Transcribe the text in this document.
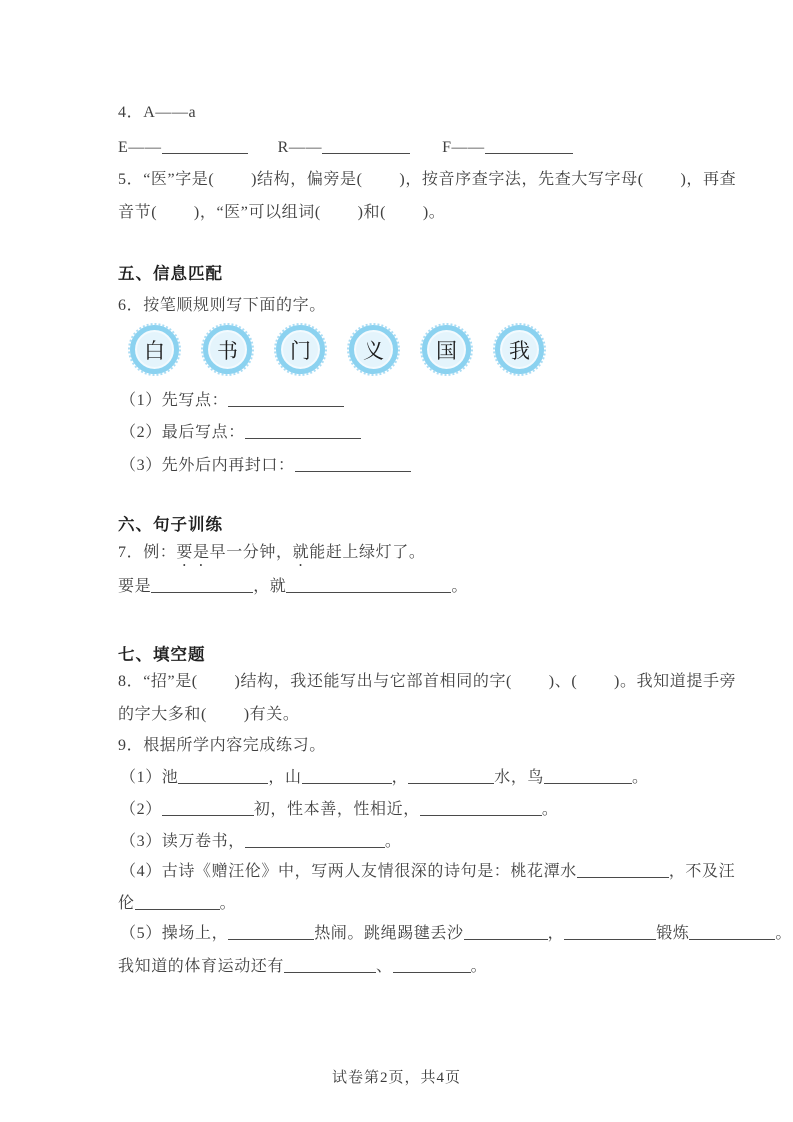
4．A——a
E——	R——	F——
5．“医”字是(        )结构，偏旁是(        )，按音序查字法，先查大写字母(        )，再查
音节(        )，“医”可以组词(        )和(        )。
五、信息匹配
6．按笔顺规则写下面的字。
白 书 门 义 国 我
（1）先写点：
（2）最后写点：
（3）先外后内再封口：
六、句子训练
7．例： 要是 早一分钟， 就 能赶上绿灯了。
要是	，就	。
七、填空题
8．“招”是(        )结构，我还能写出与它部首相同的字(        )、(        )。我知道提手旁
的字大多和(        )有关。
9．根据所学内容完成练习。
（1）池	，山	，	水，鸟	。
（2）	初，性本善，性相近，	。
（3）读万卷书，	。
（4）古诗《赠汪伦》中，写两人友情很深的诗句是：桃花潭水	，不及汪
伦	。
（5）操场上，	热闹。跳绳踢毽丢沙	，	锻炼	。
我知道的体育运动还有	、	。
试卷第2页，共4页
